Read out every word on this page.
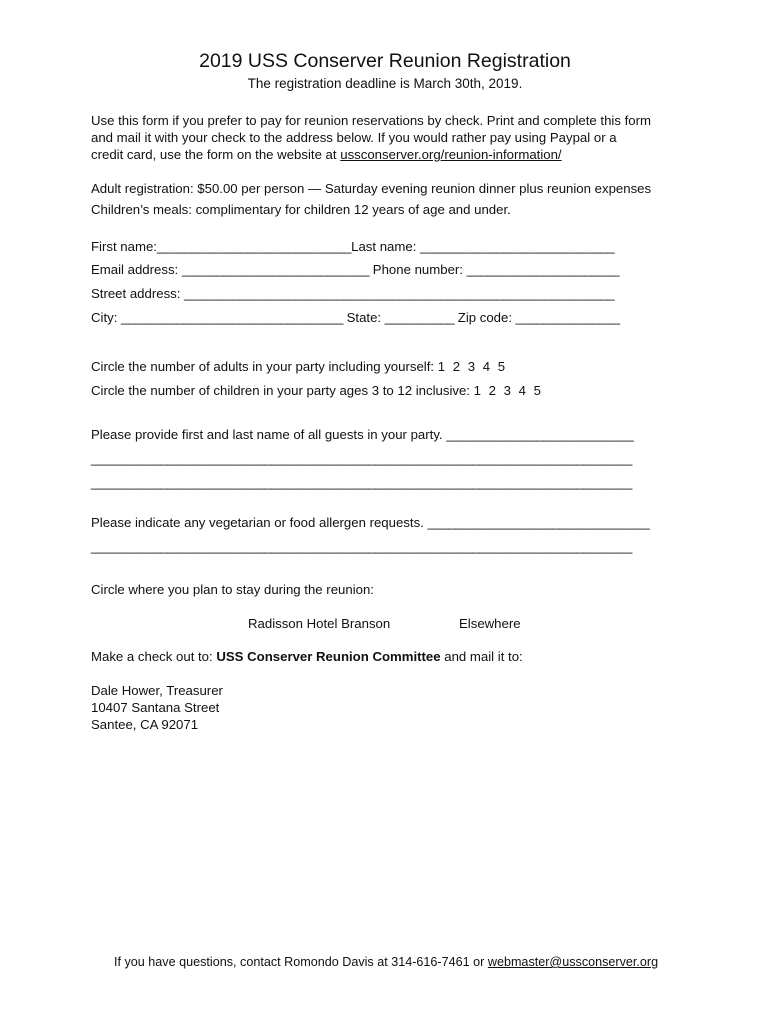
2019 USS Conserver Reunion Registration
The registration deadline is March 30th, 2019.
Use this form if you prefer to pay for reunion reservations by check. Print and complete this form
and mail it with your check to the address below. If you would rather pay using Paypal or a
credit card, use the form on the website at ussconserver.org/reunion-information/
Adult registration: $50.00 per person — Saturday evening reunion dinner plus reunion expenses
Children’s meals: complimentary for children 12 years of age and under.
First name:____________________________Last name: ____________________________
Email address: ___________________________ Phone number: ______________________
Street address: ______________________________________________________________
City: ________________________________ State: __________ Zip code: _______________
Circle the number of adults in your party including yourself: 1 2 3 4 5
Circle the number of children in your party ages 3 to 12 inclusive: 1 2 3 4 5
Please provide first and last name of all guests in your party. ___________________________
______________________________________________________________________________
______________________________________________________________________________
Please indicate any vegetarian or food allergen requests. ________________________________
______________________________________________________________________________
Circle where you plan to stay during the reunion:
Radisson Hotel Branson	Elsewhere
Make a check out to: USS Conserver Reunion Committee and mail it to:
Dale Hower, Treasurer
10407 Santana Street
Santee, CA 92071
If you have questions, contact Romondo Davis at 314-616-7461 or webmaster@ussconserver.org
